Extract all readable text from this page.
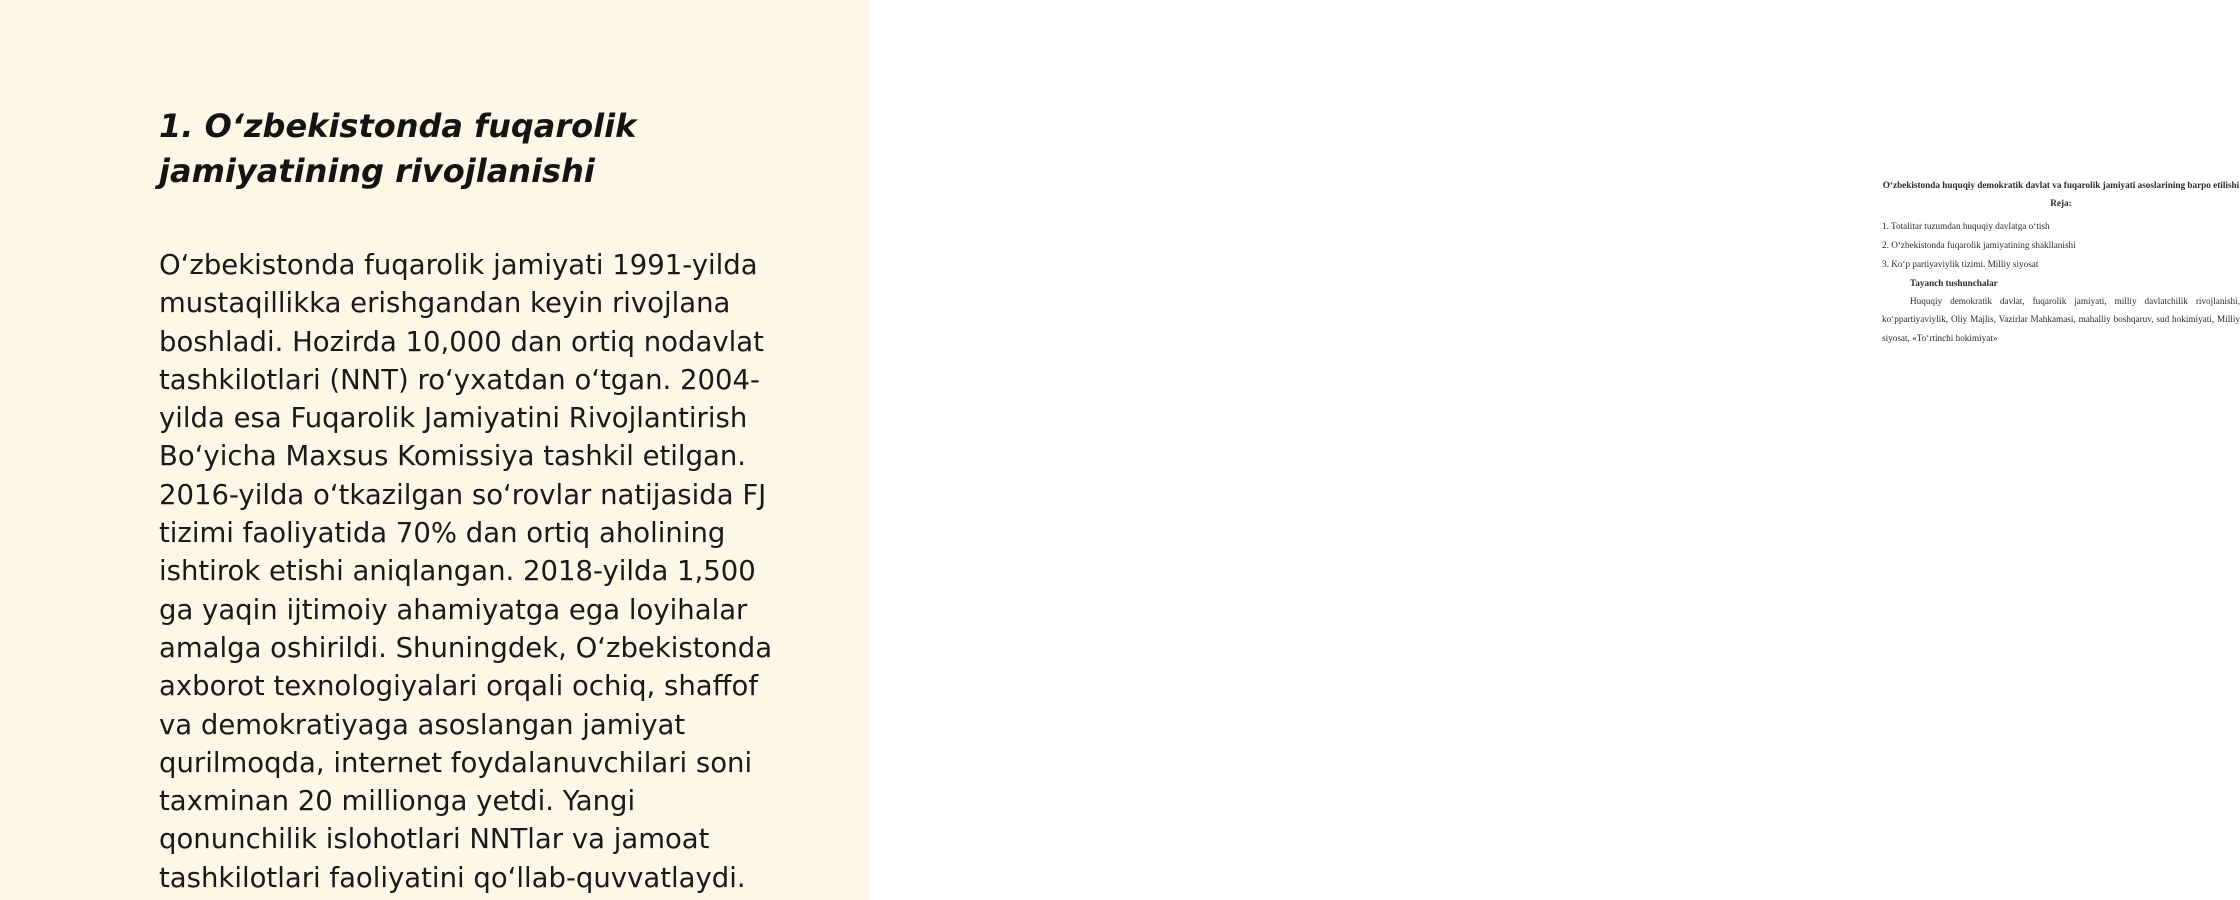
1. O‘zbekistonda fuqarolik
jamiyatining rivojlanishi

O‘zbekistonda fuqarolik jamiyati 1991-yilda
mustaqillikka erishgandan keyin rivojlana
boshladi. Hozirda 10,000 dan ortiq nodavlat
tashkilotlari (NNT) ro‘yxatdan o‘tgan. 2004-
yilda esa Fuqarolik Jamiyatini Rivojlantirish
Bo‘yicha Maxsus Komissiya tashkil etilgan.
2016-yilda o‘tkazilgan so‘rovlar natijasida FJ
tizimi faoliyatida 70% dan ortiq aholining
ishtirok etishi aniqlangan. 2018-yilda 1,500
ga yaqin ijtimoiy ahamiyatga ega loyihalar
amalga oshirildi. Shuningdek, O‘zbekistonda
axborot texnologiyalari orqali ochiq, shaffof
va demokratiyaga asoslangan jamiyat
qurilmoqda, internet foydalanuvchilari soni
taxminan 20 millionga yetdi. Yangi
qonunchilik islohotlari NNTlar va jamoat
tashkilotlari faoliyatini qo‘llab-quvvatlaydi.

O‘zbekistonda huquqiy demokratik davlat va fuqarolik jamiyati asoslarining barpo etilishi

Reja:

1. Totalitar tuzumdan huquqiy davlatga o‘tish

2. O‘zbekistonda fuqarolik jamiyatining shakllanishi

3. Ko‘p partiyaviylik tizimi. Milliy siyosat

Tayanch tushunchalar

Huquqiy demokratik davlat, fuqarolik jamiyati, milliy davlatchilik rivojlanishi, ko‘ppartiyaviylik, Oliy Majlis, Vazirlar Mahkamasi, mahalliy boshqaruv, sud hokimiyati, Milliy siyosat, «To‘rtinchi hokimiyat»
